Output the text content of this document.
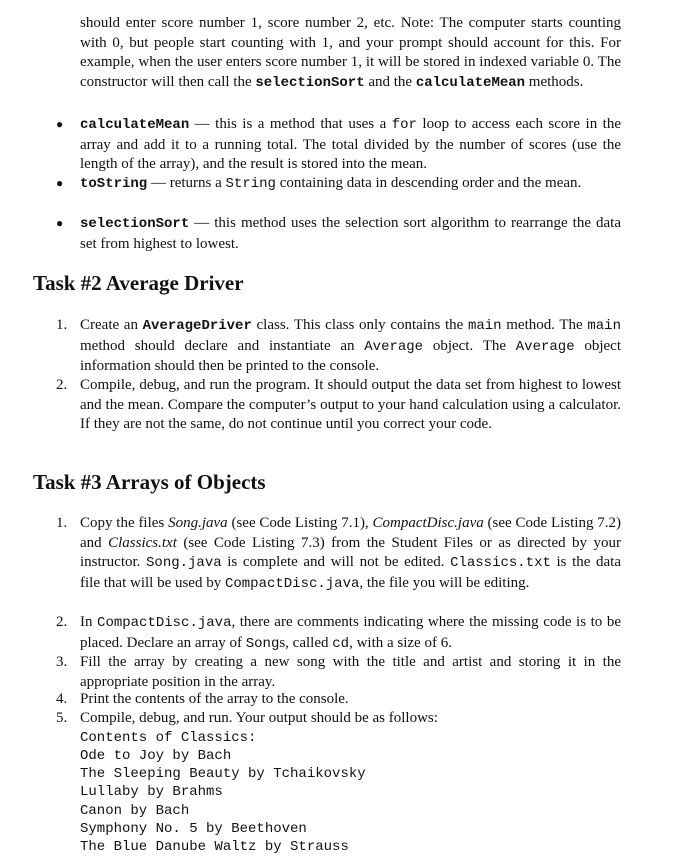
should enter score number 1, score number 2, etc. Note: The computer starts counting with 0, but people start counting with 1, and your prompt should account for this. For example, when the user enters score number 1, it will be stored in indexed variable 0. The constructor will then call the selectionSort and the calculateMean methods.
● calculateMean — this is a method that uses a for loop to access each score in the array and add it to a running total. The total divided by the number of scores (use the length of the array), and the result is stored into the mean.
● toString — returns a String containing data in descending order and the mean.
● selectionSort — this method uses the selection sort algorithm to rearrange the data set from highest to lowest.
Task #2 Average Driver
1. Create an AverageDriver class. This class only contains the main method. The main method should declare and instantiate an Average object. The Average object information should then be printed to the console.
2. Compile, debug, and run the program. It should output the data set from highest to lowest and the mean. Compare the computer’s output to your hand calculation using a calculator. If they are not the same, do not continue until you correct your code.
Task #3 Arrays of Objects
1. Copy the files Song.java (see Code Listing 7.1), CompactDisc.java (see Code Listing 7.2) and Classics.txt (see Code Listing 7.3) from the Student Files or as directed by your instructor. Song.java is complete and will not be edited. Classics.txt is the data file that will be used by CompactDisc.java, the file you will be editing.
2. In CompactDisc.java, there are comments indicating where the missing code is to be placed. Declare an array of Songs, called cd, with a size of 6.
3. Fill the array by creating a new song with the title and artist and storing it in the appropriate position in the array.
4. Print the contents of the array to the console.
5. Compile, debug, and run. Your output should be as follows:
Contents of Classics:
Ode to Joy by Bach
The Sleeping Beauty by Tchaikovsky
Lullaby by Brahms
Canon by Bach
Symphony No. 5 by Beethoven
The Blue Danube Waltz by Strauss
